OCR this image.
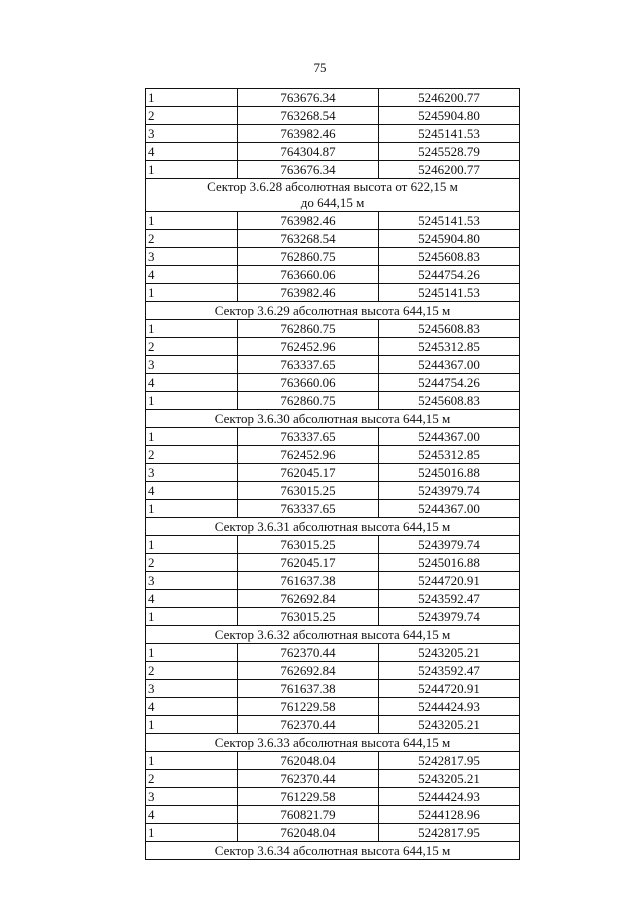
75
1	763676.34	5246200.77
2	763268.54	5245904.80
3	763982.46	5245141.53
4	764304.87	5245528.79
1	763676.34	5246200.77

Сектор 3.6.28 абсолютная высота от 622,15 м
до 644,15 м		

1	763982.46	5245141.53
2	763268.54	5245904.80
3	762860.75	5245608.83
4	763660.06	5244754.26
1	763982.46	5245141.53

Сектор 3.6.29 абсолютная высота 644,15 м		

1	762860.75	5245608.83
2	762452.96	5245312.85
3	763337.65	5244367.00
4	763660.06	5244754.26
1	762860.75	5245608.83

Сектор 3.6.30 абсолютная высота 644,15 м		

1	763337.65	5244367.00
2	762452.96	5245312.85
3	762045.17	5245016.88
4	763015.25	5243979.74
1	763337.65	5244367.00

Сектор 3.6.31 абсолютная высота 644,15 м		

1	763015.25	5243979.74
2	762045.17	5245016.88
3	761637.38	5244720.91
4	762692.84	5243592.47
1	763015.25	5243979.74

Сектор 3.6.32 абсолютная высота 644,15 м		

1	762370.44	5243205.21
2	762692.84	5243592.47
3	761637.38	5244720.91
4	761229.58	5244424.93
1	762370.44	5243205.21

Сектор 3.6.33 абсолютная высота 644,15 м		

1	762048.04	5242817.95
2	762370.44	5243205.21
3	761229.58	5244424.93
4	760821.79	5244128.96
1	762048.04	5242817.95

Сектор 3.6.34 абсолютная высота 644,15 м		
